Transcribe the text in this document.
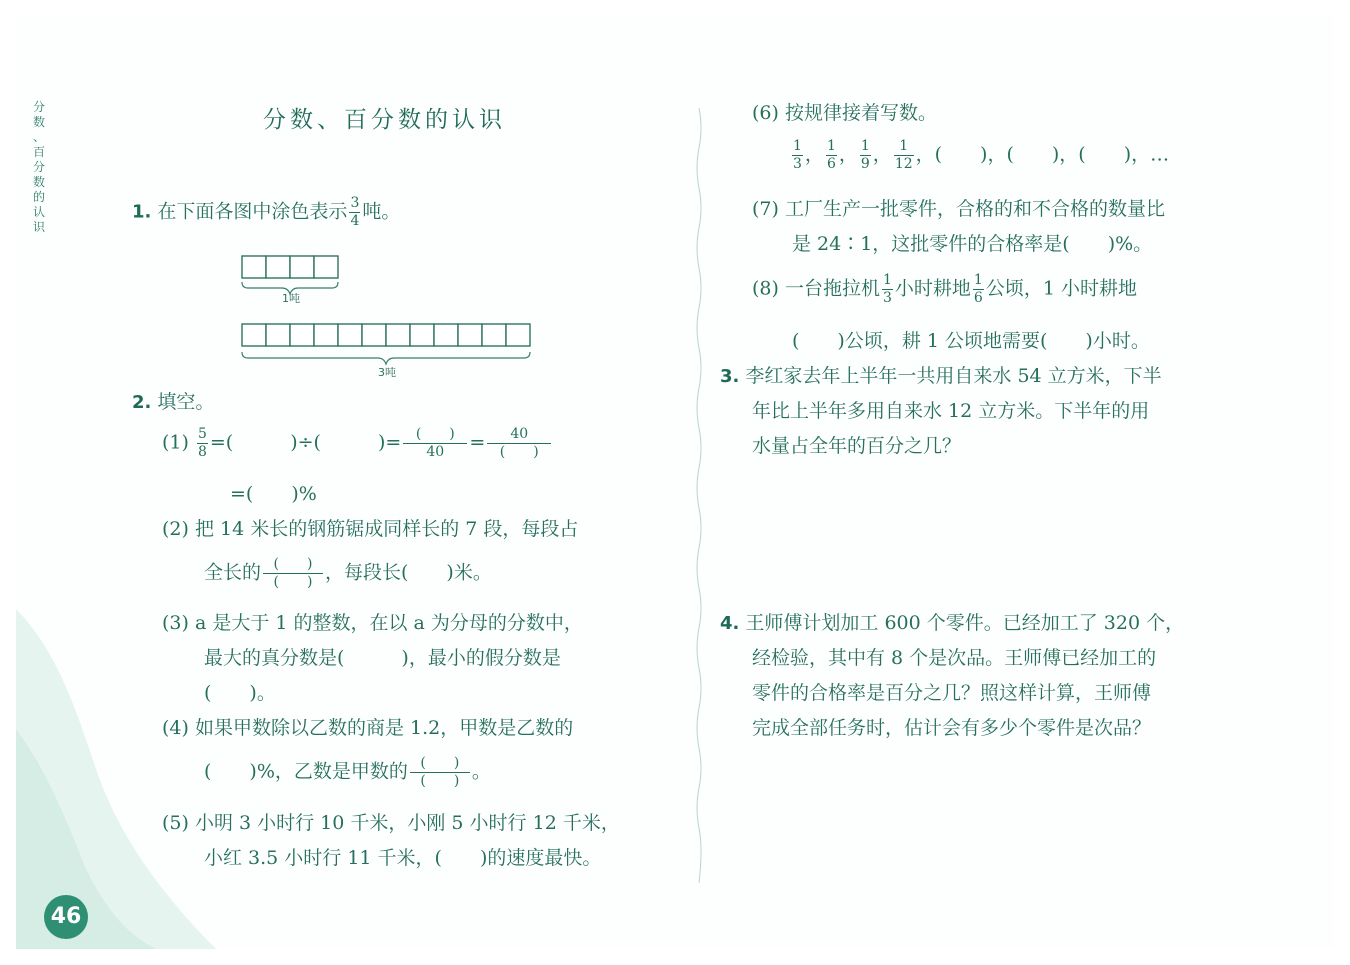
分
数
、
百
分
数
的
认
识
分数、百分数的认识
1. 在下面各图中涂色表示 $\frac{3}{4}$ 吨。
1吨
3吨
2. 填空。
$(1) \frac{5}{8}$ =(　　　)÷(　　　)= $\frac{( )}{40} = \frac{40}{( )}$
=(　　)%
(2) 把 14 米长的钢筋锯成同样长的 7 段，每段占
全长的 $\frac{( )}{( )}$ ，每段长(　　)米。
(3) a 是大于 1 的整数，在以 a 为分母的分数中，
最大的真分数是(　　　)，最小的假分数是
(　　)。
(4) 如果甲数除以乙数的商是 1.2，甲数是乙数的
(　　)%，乙数是甲数的 $\frac{( )}{( )}$ 。
(5) 小明 3 小时行 10 千米，小刚 5 小时行 12 千米，
小红 3.5 小时行 11 千米，(　　)的速度最快。
(6) 按规律接着写数。
$\frac{1}{3}$ ， $\frac{1}{6}$ ， $\frac{1}{9}$ ， $\frac{1}{12}$ ，(　　)，(　　)，(　　)，…
(7) 工厂生产一批零件，合格的和不合格的数量比
是 24∶1，这批零件的合格率是(　　)%。
(8) 一台拖拉机 $\frac{1}{3}$ 小时耕地 $\frac{1}{6}$ 公顷，1 小时耕地
(　　)公顷，耕 1 公顷地需要(　　)小时。
3. 李红家去年上半年一共用自来水 54 立方米，下半
年比上半年多用自来水 12 立方米。下半年的用
水量占全年的百分之几？
4. 王师傅计划加工 600 个零件。已经加工了 320 个，
经检验，其中有 8 个是次品。王师傅已经加工的
零件的合格率是百分之几？照这样计算，王师傅
完成全部任务时，估计会有多少个零件是次品？
46
